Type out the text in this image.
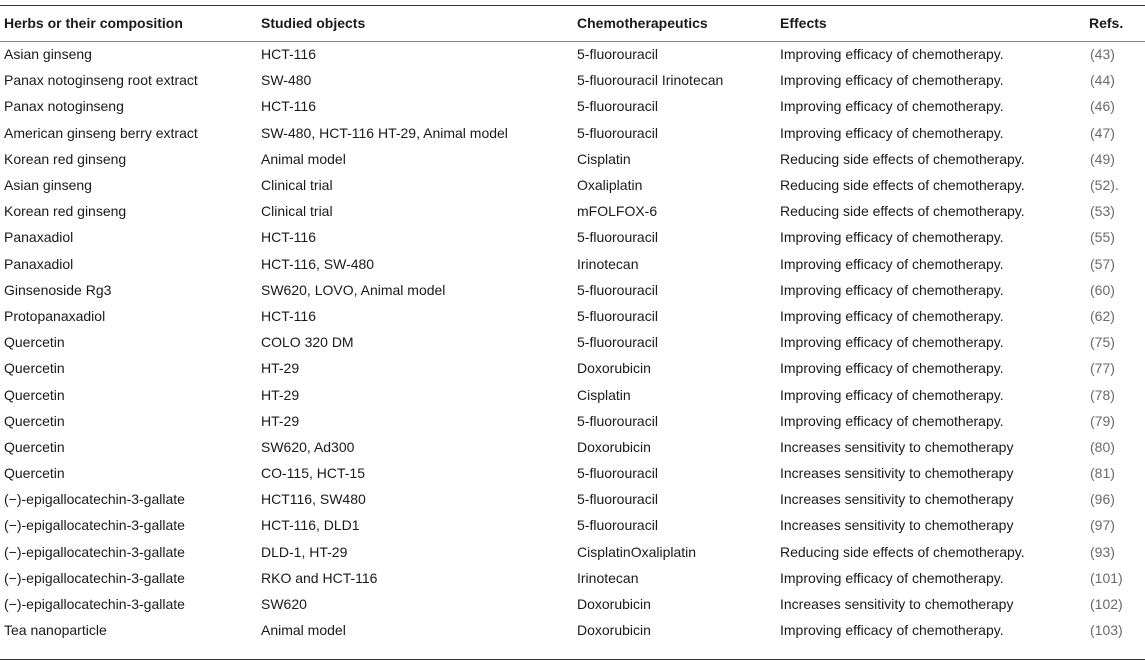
Herbs or their composition	Studied objects	Chemotherapeutics	Effects	Refs.
Asian ginseng	HCT-116	5-fluorouracil	Improving efficacy of chemotherapy.	(43)
Panax notoginseng root extract	SW-480	5-fluorouracil Irinotecan	Improving efficacy of chemotherapy.	(44)
Panax notoginseng	HCT-116	5-fluorouracil	Improving efficacy of chemotherapy.	(46)
American ginseng berry extract	SW-480, HCT-116 HT-29, Animal model	5-fluorouracil	Improving efficacy of chemotherapy.	(47)
Korean red ginseng	Animal model	Cisplatin	Reducing side effects of chemotherapy.	(49)
Asian ginseng	Clinical trial	Oxaliplatin	Reducing side effects of chemotherapy.	(52).
Korean red ginseng	Clinical trial	mFOLFOX-6	Reducing side effects of chemotherapy.	(53)
Panaxadiol	HCT-116	5-fluorouracil	Improving efficacy of chemotherapy.	(55)
Panaxadiol	HCT-116, SW-480	Irinotecan	Improving efficacy of chemotherapy.	(57)
Ginsenoside Rg3	SW620, LOVO, Animal model	5-fluorouracil	Improving efficacy of chemotherapy.	(60)
Protopanaxadiol	HCT-116	5-fluorouracil	Improving efficacy of chemotherapy.	(62)
Quercetin	COLO 320 DM	5-fluorouracil	Improving efficacy of chemotherapy.	(75)
Quercetin	HT-29	Doxorubicin	Improving efficacy of chemotherapy.	(77)
Quercetin	HT-29	Cisplatin	Improving efficacy of chemotherapy.	(78)
Quercetin	HT-29	5-fluorouracil	Improving efficacy of chemotherapy.	(79)
Quercetin	SW620, Ad300	Doxorubicin	Increases sensitivity to chemotherapy	(80)
Quercetin	CO-115, HCT-15	5-fluorouracil	Increases sensitivity to chemotherapy	(81)
(−)-epigallocatechin-3-gallate	HCT116, SW480	5-fluorouracil	Increases sensitivity to chemotherapy	(96)
(−)-epigallocatechin-3-gallate	HCT-116, DLD1	5-fluorouracil	Increases sensitivity to chemotherapy	(97)
(−)-epigallocatechin-3-gallate	DLD-1, HT-29	CisplatinOxaliplatin	Reducing side effects of chemotherapy.	(93)
(−)-epigallocatechin-3-gallate	RKO and HCT-116	Irinotecan	Improving efficacy of chemotherapy.	(101)
(−)-epigallocatechin-3-gallate	SW620	Doxorubicin	Increases sensitivity to chemotherapy	(102)
Tea nanoparticle	Animal model	Doxorubicin	Improving efficacy of chemotherapy.	(103)
